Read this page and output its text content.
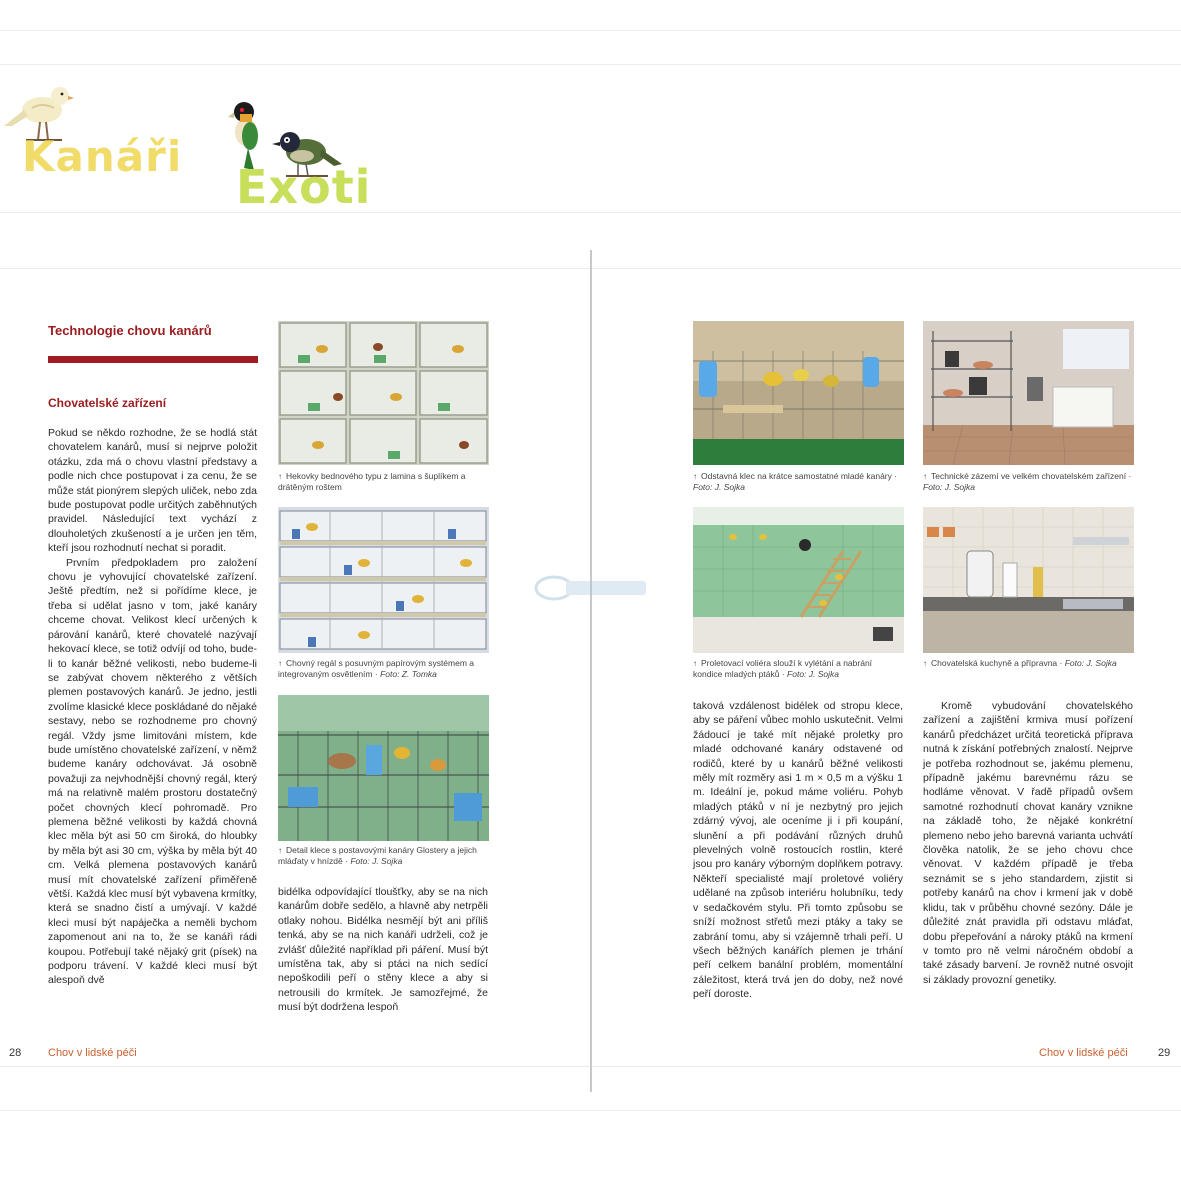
Kanáři
Exoti
Technologie chovu kanárů
Chovatelské zařízení

Pokud se někdo rozhodne, že se hodlá stát chovatelem kanárů, musí si nejprve položit otázku, zda má o chovu vlastní představy a podle nich chce postupovat i za cenu, že se může stát pionýrem slepých uliček, nebo zda bude postupovat podle určitých zaběhnutých pravidel. Následující text vychází z dlouholetých zkušeností a je určen jen těm, kteří jsou rozhodnutí nechat si poradit.

Prvním předpokladem pro založení chovu je vyhovující chovatelské zařízení. Ještě předtím, než si pořídíme klece, je třeba si udělat jasno v tom, jaké kanáry chceme chovat. Velikost klecí určených k párování kanárů, které chovatelé nazývají hekovací klece, se totiž odvíjí od toho, bude-li to kanár běžné velikosti, nebo budeme-li se zabývat chovem některého z větších plemen postavových kanárů. Je jedno, jestli zvolíme klasické klece poskládané do nějaké sestavy, nebo se rozhodneme pro chovný regál. Vždy jsme limitováni místem, kde bude umístěno chovatelské zařízení, v němž budeme kanáry odchovávat. Já osobně považuji za nejvhodnější chovný regál, který má na relativně malém prostoru dostatečný počet chovných klecí pohromadě. Pro plemena běžné velikosti by každá chovná klec měla být asi 50 cm široká, do hloubky by měla být asi 30 cm, výška by měla být 40 cm. Velká plemena postavových kanárů musí mít chovatelské zařízení přiměřeně větší. Každá klec musí být vybavena krmítky, která se snadno čistí a umývají. V každé kleci musí být napáječka a neměli bychom zapomenout ani na to, že se kanáři rádi koupou. Potřebují také nějaký grit (písek) na podporu trávení. V každé kleci musí být alespoň dvě

↑ Hekovky bednového typu z lamina s šuplíkem a drátěným roštem
↑ Chovný regál s posuvným papírovým systémem a integrovaným osvětlením · Foto: Z. Tomka
↑ Detail klece s postavovými kanáry Glostery a jejich mláďaty v hnízdě · Foto: J. Sojka

bidélka odpovídající tloušťky, aby se na nich kanárům dobře sedělo, a hlavně aby netrpěli otlaky nohou. Bidélka nesmějí být ani příliš tenká, aby se na nich kanáři udrželi, což je zvlášť důležité například při páření. Musí být umístěna tak, aby si ptáci na nich sedící nepoškodili peří o stěny klece a aby si netrousili do krmítek. Je samozřejmé, že musí být dodržena lespoň

↑ Odstavná klec na krátce samostatné mladé kanáry · Foto: J. Sojka
↑ Technické zázemí ve velkém chovatelském zařízení · Foto: J. Sojka
↑ Proletovací voliéra slouží k vylétání a nabrání kondice mladých ptáků · Foto: J. Sojka
↑ Chovatelská kuchyně a přípravna · Foto: J. Sojka

taková vzdálenost bidélek od stropu klece, aby se páření vůbec mohlo uskutečnit. Velmi žádoucí je také mít nějaké proletky pro mladé odchované kanáry odstavené od rodičů, které by u kanárů běžné velikosti měly mít rozměry asi 1 m × 0,5 m a výšku 1 m. Ideální je, pokud máme voliéru. Pohyb mladých ptáků v ní je nezbytný pro jejich zdárný vývoj, ale oceníme ji i při koupání, slunění a při podávání různých druhů plevelných volně rostoucích rostlin, které jsou pro kanáry výborným doplňkem potravy. Někteří specialisté mají proletové voliéry udělané na způsob interiéru holubníku, tedy v sedačkovém stylu. Při tomto způsobu se sníží možnost střetů mezi ptáky a taky se zabrání tomu, aby si vzájemně trhali peří. U všech běžných kanářích plemen je trhání peří celkem banální problém, momentální záležitost, která trvá jen do doby, než nové peří doroste.

Kromě vybudování chovatelského zařízení a zajištění krmiva musí pořízení kanárů předcházet určitá teoretická příprava nutná k získání potřebných znalostí. Nejprve je potřeba rozhodnout se, jakému plemenu, případně jakému barevnému rázu se hodláme věnovat. V řadě případů ovšem samotné rozhodnutí chovat kanáry vznikne na základě toho, že nějaké konkrétní plemeno nebo jeho barevná varianta uchvátí člověka natolik, že se jeho chovu chce věnovat. V každém případě je třeba seznámit se s jeho standardem, zjistit si potřeby kanárů na chov i krmení jak v době klidu, tak v průběhu chovné sezóny. Dále je důležité znát pravidla při odstavu mláďat, dobu přepeřování a nároky ptáků na krmení v tomto pro ně velmi náročném období a také zásady barvení. Je rovněž nutné osvojit si základy provozní genetiky.

28 Chov v lidské péči	Chov v lidské péči	29
